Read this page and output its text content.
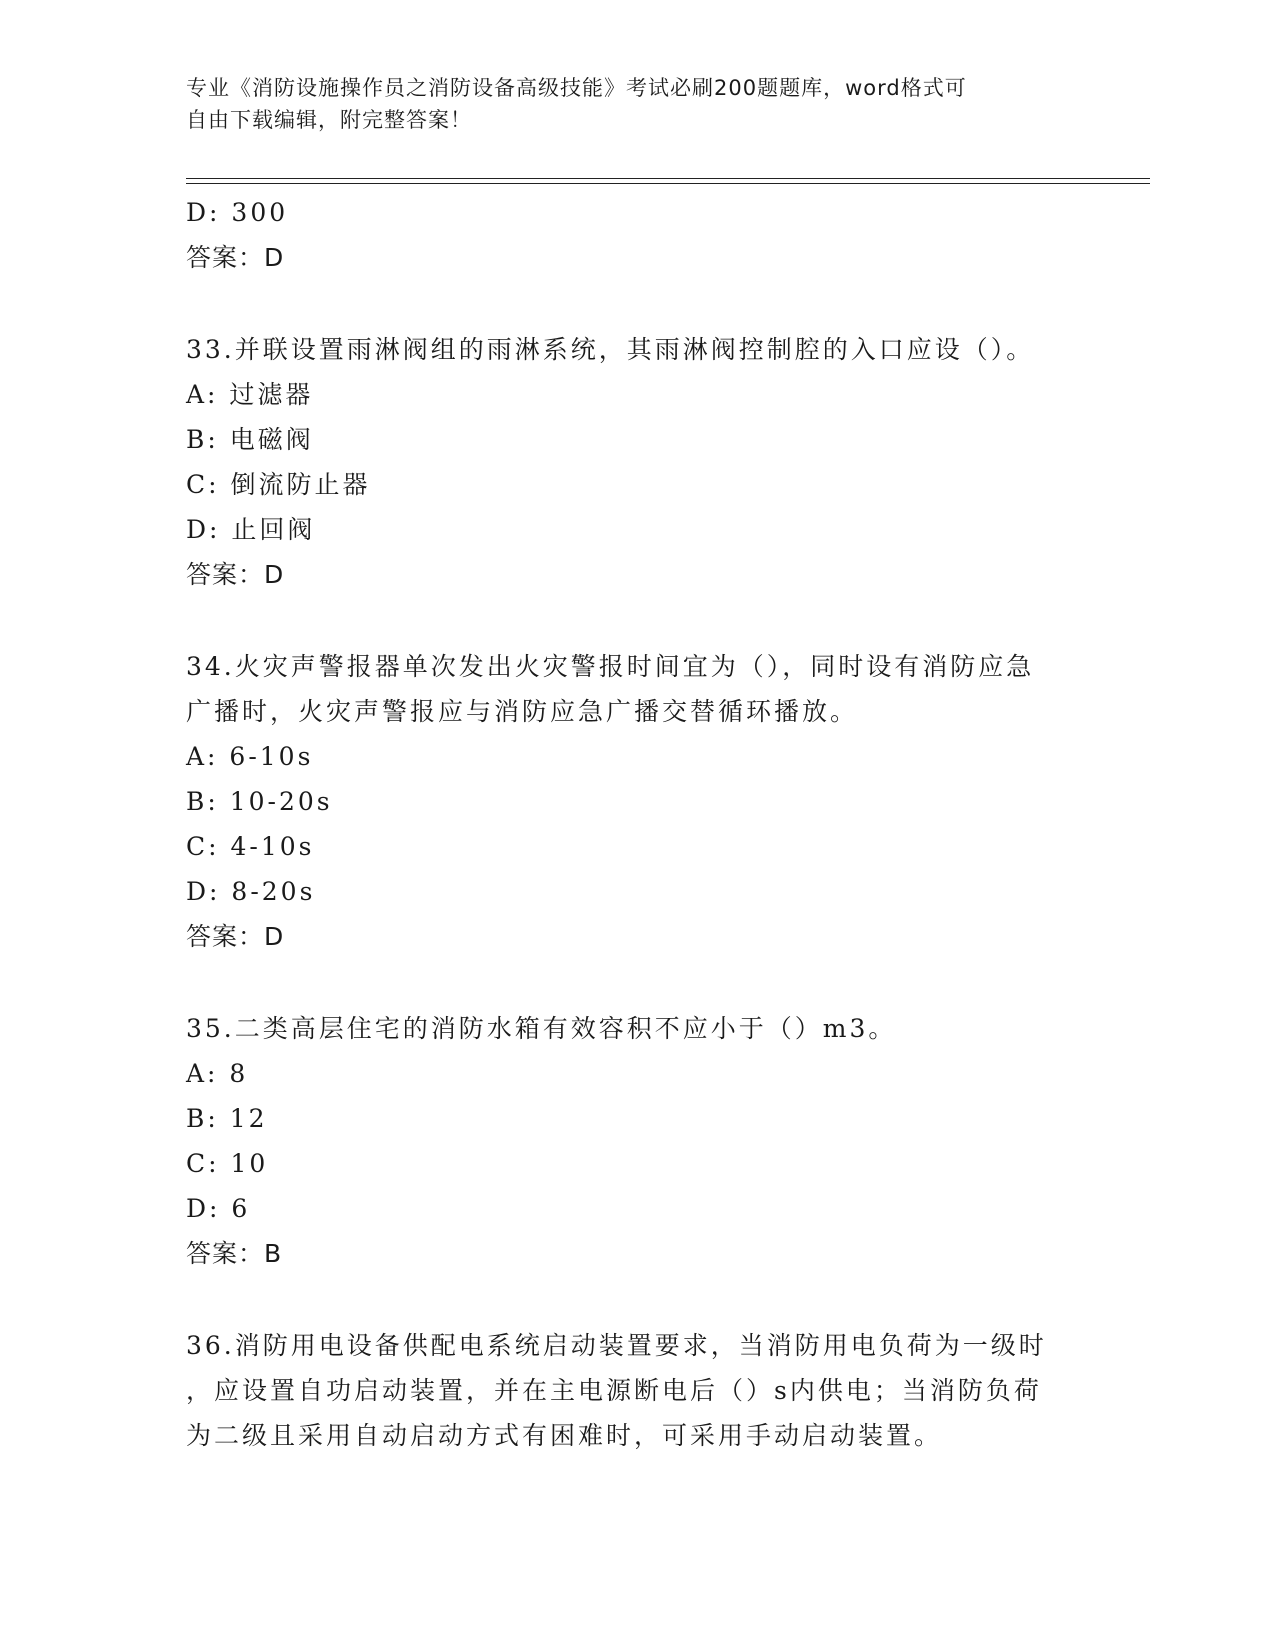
专业《消防设施操作员之消防设备高级技能》考试必刷200题题库，word格式可
自由下载编辑，附完整答案！
D: 300
答案：D
33.并联设置雨淋阀组的雨淋系统，其雨淋阀控制腔的入口应设（）。
A: 过滤器
B: 电磁阀
C: 倒流防止器
D: 止回阀
答案：D
34.火灾声警报器单次发出火灾警报时间宜为（），同时设有消防应急
广播时，火灾声警报应与消防应急广播交替循环播放。
A: 6-10s
B: 10-20s
C: 4-10s
D: 8-20s
答案：D
35.二类高层住宅的消防水箱有效容积不应小于（）m3。
A: 8
B: 12
C: 10
D: 6
答案：B
36.消防用电设备供配电系统启动装置要求，当消防用电负荷为一级时
，应设置自功启动装置，并在主电源断电后（）s内供电；当消防负荷
为二级且采用自动启动方式有困难时，可采用手动启动装置。
